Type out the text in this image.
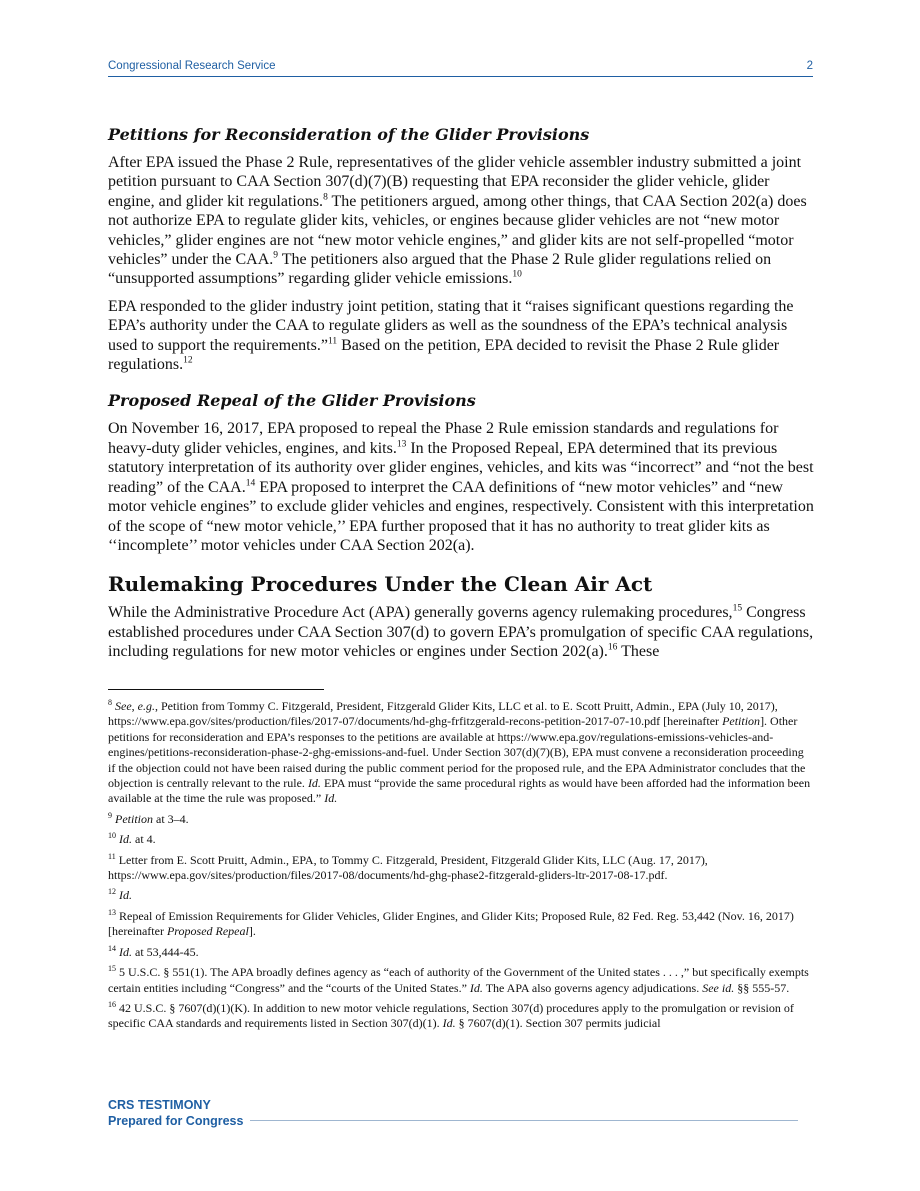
Congressional Research Service	2
Petitions for Reconsideration of the Glider Provisions

After EPA issued the Phase 2 Rule, representatives of the glider vehicle assembler industry submitted a joint petition pursuant to CAA Section 307(d)(7)(B) requesting that EPA reconsider the glider vehicle, glider engine, and glider kit regulations.$^8$ The petitioners argued, among other things, that CAA Section 202(a) does not authorize EPA to regulate glider kits, vehicles, or engines because glider vehicles are not “new motor vehicles,” glider engines are not “new motor vehicle engines,” and glider kits are not self-propelled “motor vehicles” under the CAA.$^9$ The petitioners also argued that the Phase 2 Rule glider regulations relied on “unsupported assumptions” regarding glider vehicle emissions.$^{10}$

EPA responded to the glider industry joint petition, stating that it “raises significant questions regarding the EPA’s authority under the CAA to regulate gliders as well as the soundness of the EPA’s technical analysis used to support the requirements.”$^{11}$ Based on the petition, EPA decided to revisit the Phase 2 Rule glider regulations.$^{12}$

Proposed Repeal of the Glider Provisions

On November 16, 2017, EPA proposed to repeal the Phase 2 Rule emission standards and regulations for heavy-duty glider vehicles, engines, and kits.$^{13}$ In the Proposed Repeal, EPA determined that its previous statutory interpretation of its authority over glider engines, vehicles, and kits was “incorrect” and “not the best reading” of the CAA.$^{14}$ EPA proposed to interpret the CAA definitions of “new motor vehicles” and “new motor vehicle engines” to exclude glider vehicles and engines, respectively. Consistent with this interpretation of the scope of “new motor vehicle,’’ EPA further proposed that it has no authority to treat glider kits as ‘‘incomplete’’ motor vehicles under CAA Section 202(a).

Rulemaking Procedures Under the Clean Air Act

While the Administrative Procedure Act (APA) generally governs agency rulemaking procedures,$^{15}$ Congress established procedures under CAA Section 307(d) to govern EPA’s promulgation of specific CAA regulations, including regulations for new motor vehicles or engines under Section 202(a).$^{16}$ These

$^8$ See, e.g., Petition from Tommy C. Fitzgerald, President, Fitzgerald Glider Kits, LLC et al. to E. Scott Pruitt, Admin., EPA (July 10, 2017), https://www.epa.gov/sites/production/files/2017-07/documents/hd-ghg-frfitzgerald-recons-petition-2017-07-10.pdf [hereinafter Petition]. Other petitions for reconsideration and EPA’s responses to the petitions are available at https://www.epa.gov/regulations-emissions-vehicles-and-engines/petitions-reconsideration-phase-2-ghg-emissions-and-fuel. Under Section 307(d)(7)(B), EPA must convene a reconsideration proceeding if the objection could not have been raised during the public comment period for the proposed rule, and the EPA Administrator concludes that the objection is centrally relevant to the rule. Id. EPA must “provide the same procedural rights as would have been afforded had the information been available at the time the rule was proposed.” Id.
$^9$ Petition at 3–4.
$^{10}$ Id. at 4.
$^{11}$ Letter from E. Scott Pruitt, Admin., EPA, to Tommy C. Fitzgerald, President, Fitzgerald Glider Kits, LLC (Aug. 17, 2017), https://www.epa.gov/sites/production/files/2017-08/documents/hd-ghg-phase2-fitzgerald-gliders-ltr-2017-08-17.pdf.
$^{12}$ Id.
$^{13}$ Repeal of Emission Requirements for Glider Vehicles, Glider Engines, and Glider Kits; Proposed Rule, 82 Fed. Reg. 53,442 (Nov. 16, 2017) [hereinafter Proposed Repeal].
$^{14}$ Id. at 53,444-45.
$^{15}$ 5 U.S.C. § 551(1). The APA broadly defines agency as “each of authority of the Government of the United states . . . ,” but specifically exempts certain entities including “Congress” and the “courts of the United States.” Id. The APA also governs agency adjudications. See id. §§ 555-57.
$^{16}$ 42 U.S.C. § 7607(d)(1)(K). In addition to new motor vehicle regulations, Section 307(d) procedures apply to the promulgation or revision of specific CAA standards and requirements listed in Section 307(d)(1). Id. § 7607(d)(1). Section 307 permits judicial
CRS TESTIMONY
Prepared for Congress
